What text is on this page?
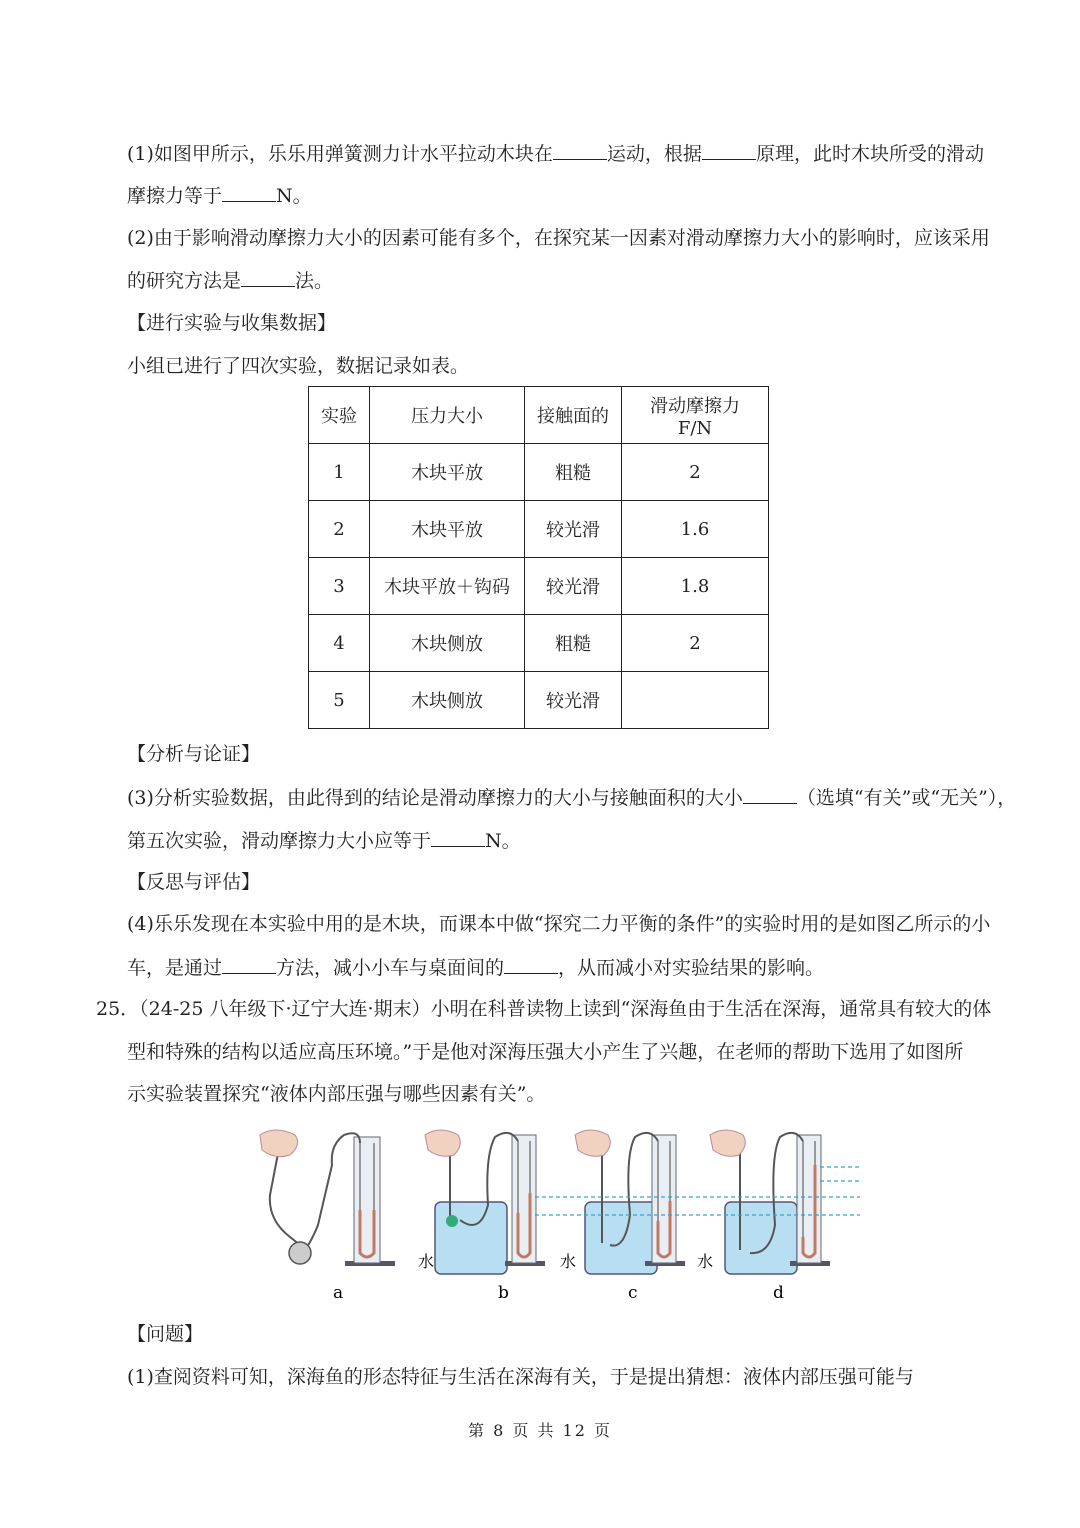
(1)如图甲所示，乐乐用弹簧测力计水平拉动木块在	运动，根据	原理，此时木块所受的滑动
摩擦力等于	N。
(2)由于影响滑动摩擦力大小的因素可能有多个，在探究某一因素对滑动摩擦力大小的影响时，应该采用
的研究方法是	法。
【进行实验与收集数据】
小组已进行了四次实验，数据记录如表。
实验	压力大小	接触面的	滑动摩擦力 F/N
1	木块平放	粗糙	2
2	木块平放	较光滑	1.6
3	木块平放＋钩码	较光滑	1.8
4	木块侧放	粗糙	2
5	木块侧放	较光滑	
【分析与论证】
(3)分析实验数据，由此得到的结论是滑动摩擦力的大小与接触面积的大小	（选填“有关”或“无关”），
第五次实验，滑动摩擦力大小应等于	N。
【反思与评估】
(4)乐乐发现在本实验中用的是木块，而课本中做“探究二力平衡的条件”的实验时用的是如图乙所示的小
车，是通过	方法，减小小车与桌面间的	，从而减小对实验结果的影响。
25．（24-25 八年级下·辽宁大连·期末）小明在科普读物上读到“深海鱼由于生活在深海，通常具有较大的体
型和特殊的结构以适应高压环境。”于是他对深海压强大小产生了兴趣，在老师的帮助下选用了如图所
示实验装置探究“液体内部压强与哪些因素有关”。
水	水	水
a	b	c	d
【问题】
(1)查阅资料可知，深海鱼的形态特征与生活在深海有关，于是提出猜想：液体内部压强可能与
第 8 页 共 12 页
